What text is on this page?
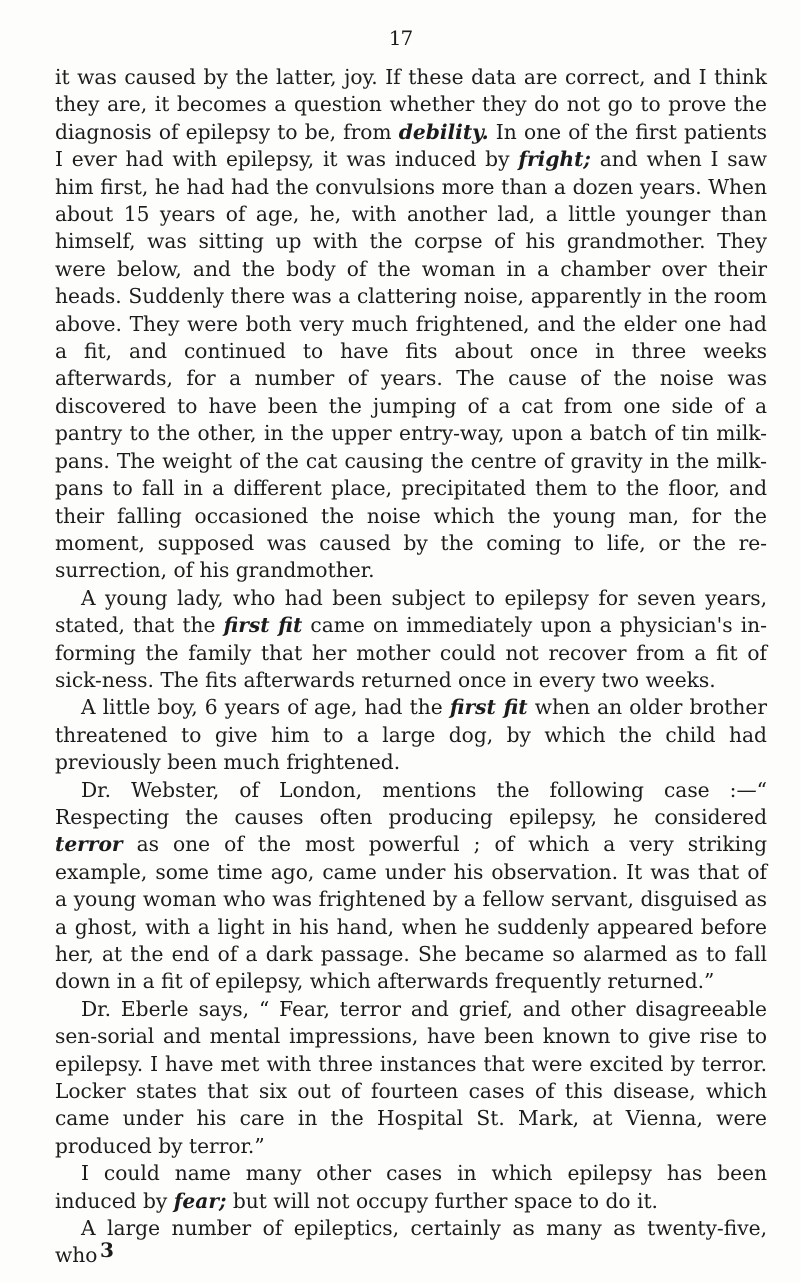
17

it was caused by the latter, joy. If these data are correct, and I think they are, it becomes a question whether they do not go to prove the diagnosis of epilepsy to be, from debility. In one of the first patients I ever had with epilepsy, it was induced by fright; and when I saw him first, he had had the convulsions more than a dozen years. When about 15 years of age, he, with another lad, a little younger than himself, was sitting up with the corpse of his grandmother. They were below, and the body of the woman in a chamber over their heads. Suddenly there was a clattering noise, apparently in the room above. They were both very much frightened, and the elder one had a fit, and continued to have fits about once in three weeks afterwards, for a number of years. The cause of the noise was discovered to have been the jumping of a cat from one side of a pantry to the other, in the upper entry-way, upon a batch of tin milk-pans. The weight of the cat causing the centre of gravity in the milk-pans to fall in a different place, precipitated them to the floor, and their falling occasioned the noise which the young man, for the moment, supposed was caused by the coming to life, or the re-surrection, of his grandmother.

A young lady, who had been subject to epilepsy for seven years, stated, that the first fit came on immediately upon a physician's in-forming the family that her mother could not recover from a fit of sick-ness. The fits afterwards returned once in every two weeks.

A little boy, 6 years of age, had the first fit when an older brother threatened to give him to a large dog, by which the child had previously been much frightened.

Dr. Webster, of London, mentions the following case :—“ Respecting the causes often producing epilepsy, he considered terror as one of the most powerful ; of which a very striking example, some time ago, came under his observation. It was that of a young woman who was frightened by a fellow servant, disguised as a ghost, with a light in his hand, when he suddenly appeared before her, at the end of a dark passage. She became so alarmed as to fall down in a fit of epilepsy, which afterwards frequently returned.”

Dr. Eberle says, “ Fear, terror and grief, and other disagreeable sen-sorial and mental impressions, have been known to give rise to epilepsy. I have met with three instances that were excited by terror. Locker states that six out of fourteen cases of this disease, which came under his care in the Hospital St. Mark, at Vienna, were produced by terror.”

I could name many other cases in which epilepsy has been induced by fear; but will not occupy further space to do it.

A large number of epileptics, certainly as many as twenty-five, who 3
